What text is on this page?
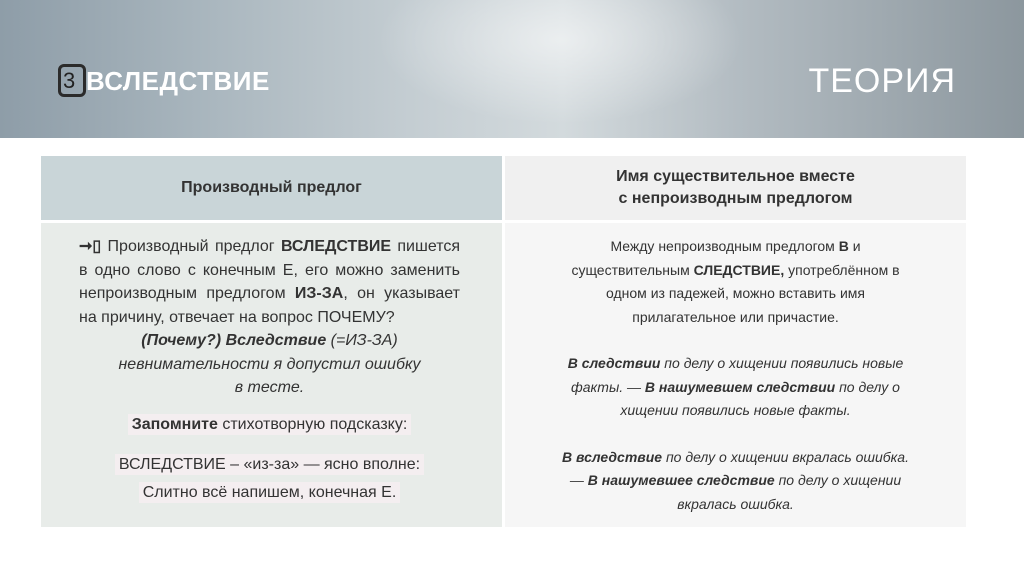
3 ВСЛЕДСТВИЕ	ТЕОРИЯ
Производный предлог
Имя существительное вместе
с непроизводным предлогом

➞▯ Производный предлог ВСЛЕДСТВИЕ пишется в одно слово с конечным Е, его можно заменить непроизводным предлогом ИЗ-ЗА, он указывает на причину, отвечает на вопрос ПОЧЕМУ?

(Почему?) Вследствие (=ИЗ-ЗА)
невнимательности я допустил ошибку
в тесте.

Запомните стихотворную подсказку:

ВСЛЕДСТВИЕ – «из-за» — ясно вполне:
Слитно всё напишем, конечная Е.

Между непроизводным предлогом В и
существительным СЛЕДСТВИЕ, употреблённом в
одном из падежей, можно вставить имя
прилагательное или причастие.

В следствии по делу о хищении появились новые
факты. — В нашумевшем следствии по делу о
хищении появились новые факты.

В вследствие по делу о хищении вкралась ошибка.
— В нашумевшее следствие по делу о хищении
вкралась ошибка.
